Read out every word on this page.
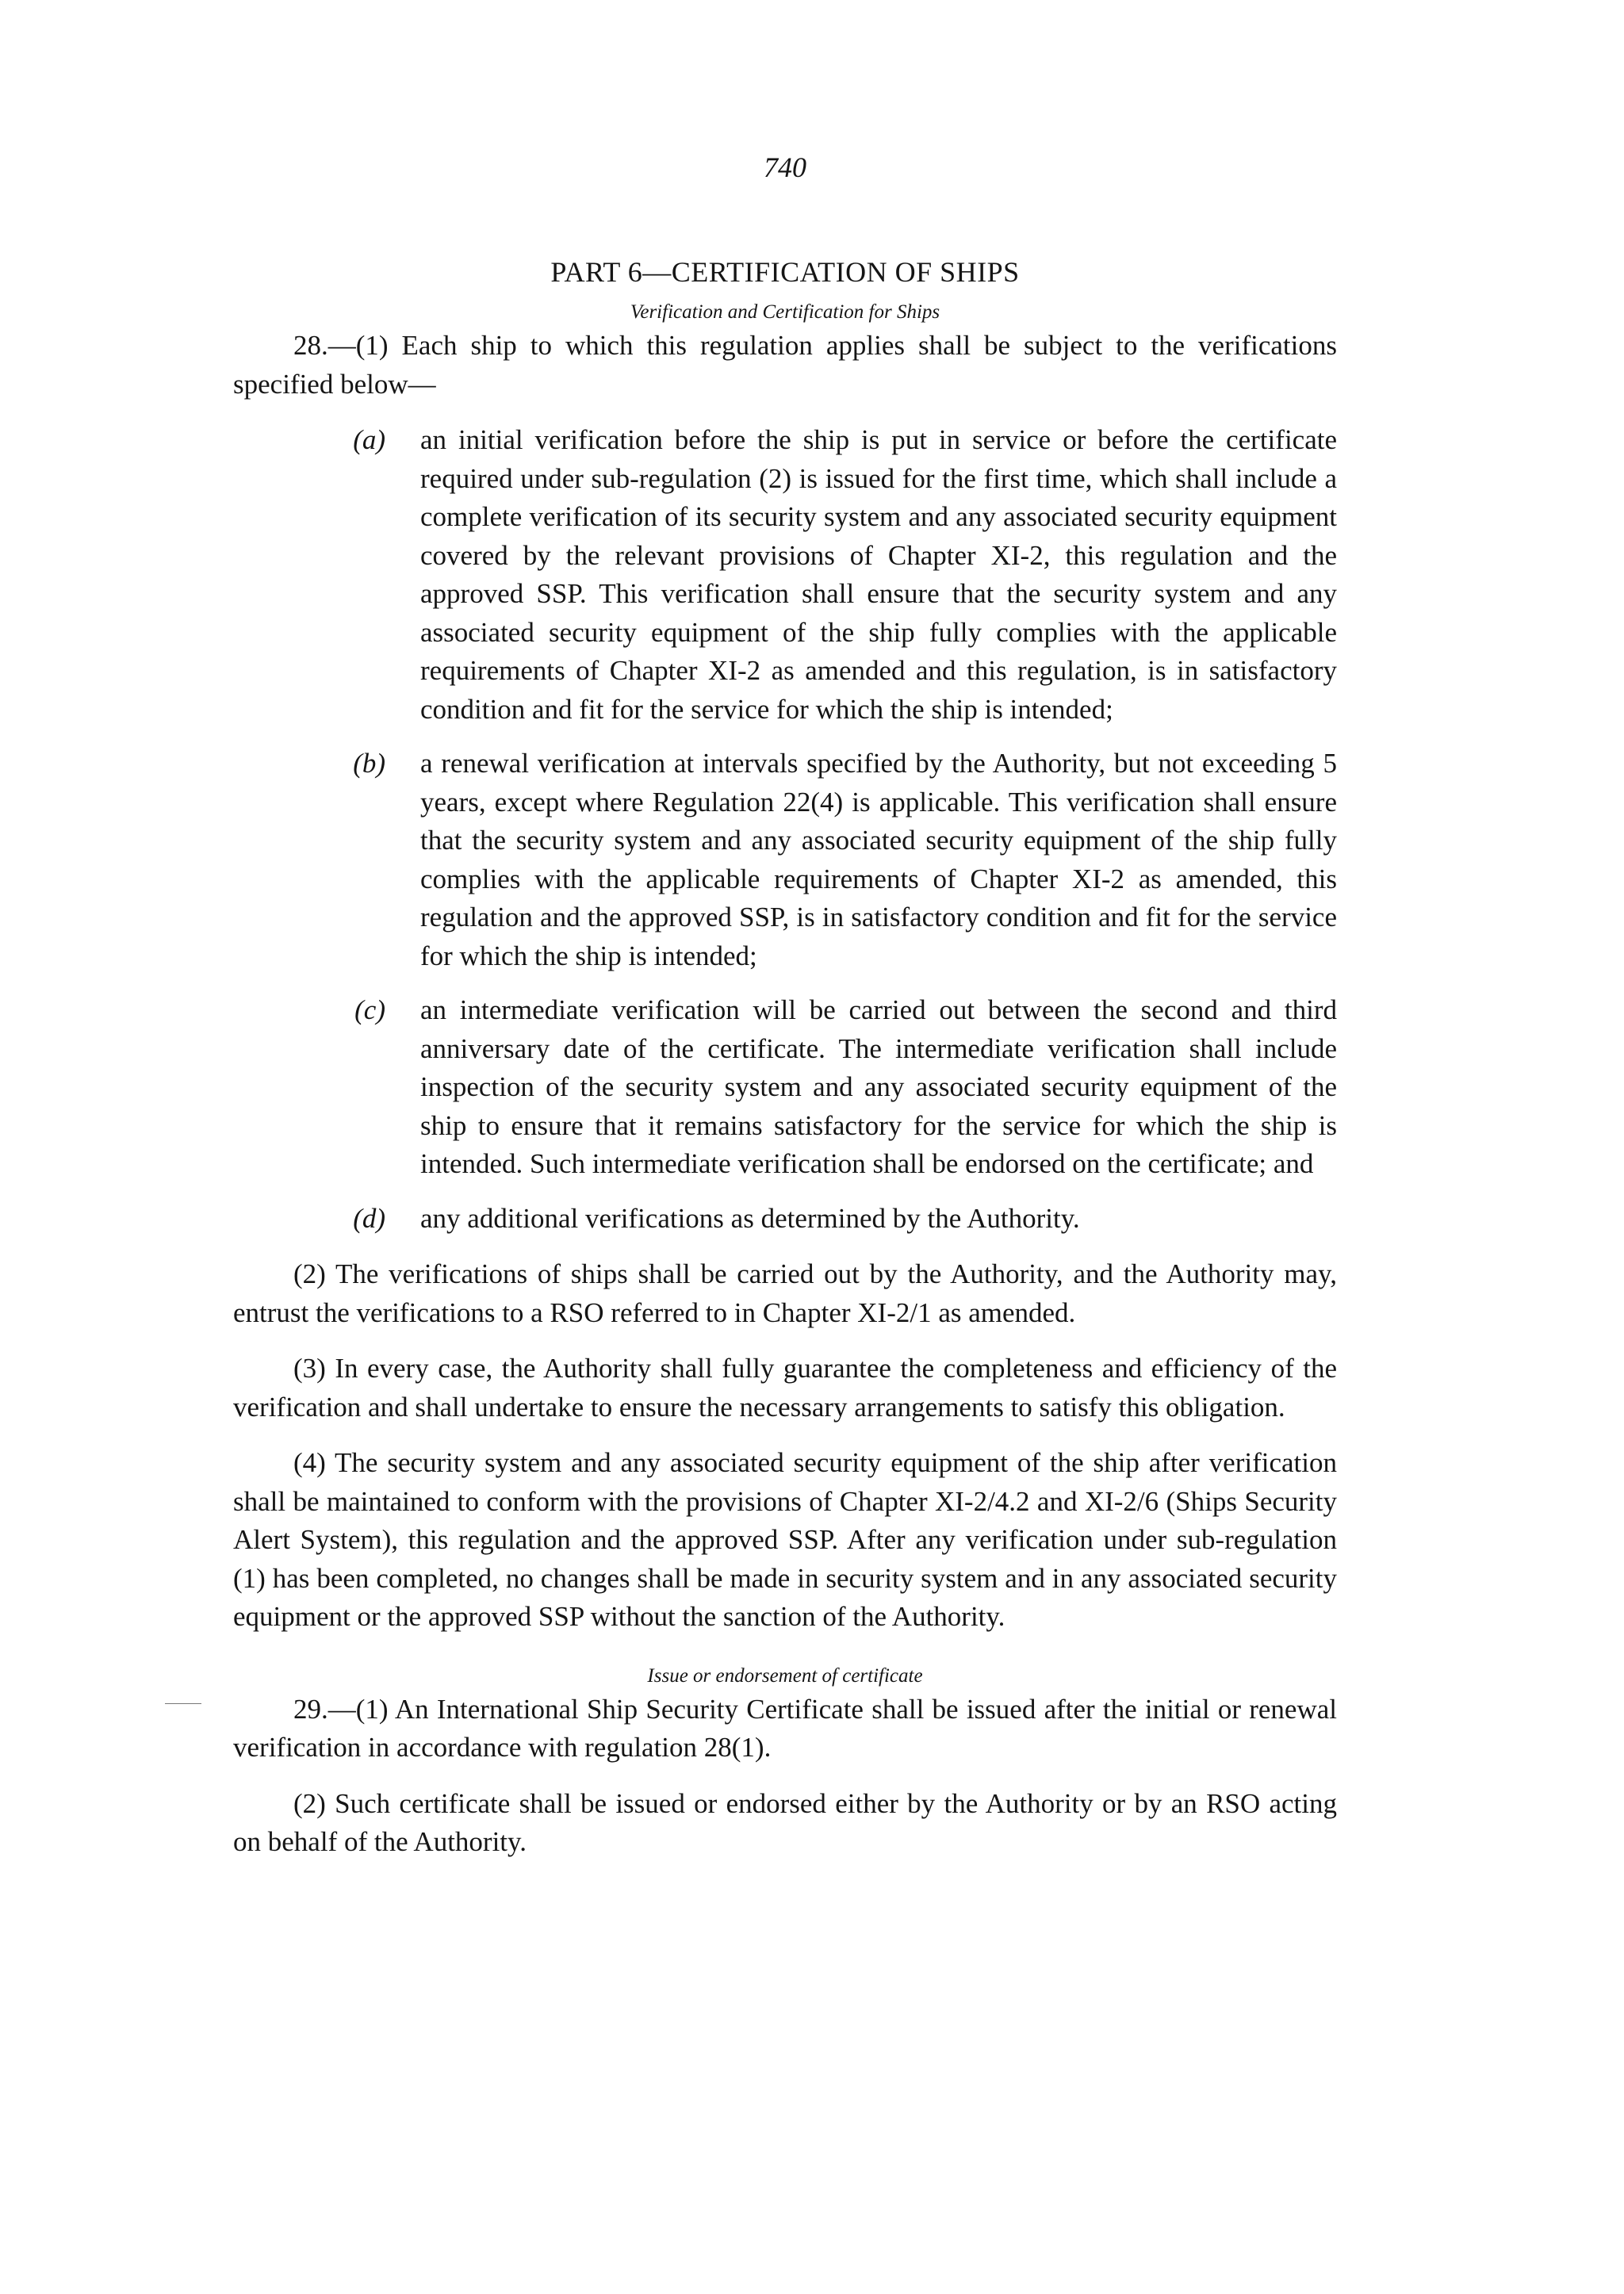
740
PART 6—CERTIFICATION OF SHIPS
Verification and Certification for Ships

28.—(1) Each ship to which this regulation applies shall be subject to the verifications specified below—

(a)	an initial verification before the ship is put in service or before the certificate required under sub-regulation (2) is issued for the first time, which shall include a complete verification of its security system and any associated security equipment covered by the relevant provisions of Chapter XI-2, this regulation and the approved SSP. This verification shall ensure that the security system and any associated security equipment of the ship fully complies with the applicable requirements of Chapter XI-2 as amended and this regulation, is in satisfactory condition and fit for the service for which the ship is intended;
(b)	a renewal verification at intervals specified by the Authority, but not exceeding 5 years, except where Regulation 22(4) is applicable. This verification shall ensure that the security system and any associated security equipment of the ship fully complies with the applicable requirements of Chapter XI-2 as amended, this regulation and the approved SSP, is in satisfactory condition and fit for the service for which the ship is intended;
(c)	an intermediate verification will be carried out between the second and third anniversary date of the certificate. The intermediate verification shall include inspection of the security system and any associated security equipment of the ship to ensure that it remains satisfactory for the service for which the ship is intended. Such intermediate verification shall be endorsed on the certificate; and
(d)	any additional verifications as determined by the Authority.

(2) The verifications of ships shall be carried out by the Authority, and the Authority may, entrust the verifications to a RSO referred to in Chapter XI-2/1 as amended.

(3) In every case, the Authority shall fully guarantee the completeness and efficiency of the verification and shall undertake to ensure the necessary arrangements to satisfy this obligation.

(4) The security system and any associated security equipment of the ship after verification shall be maintained to conform with the provisions of Chapter XI-2/4.2 and XI-2/6 (Ships Security Alert System), this regulation and the approved SSP. After any verification under sub-regulation (1) has been completed, no changes shall be made in security system and in any associated security equipment or the approved SSP without the sanction of the Authority.

Issue or endorsement of certificate

29.—(1) An International Ship Security Certificate shall be issued after the initial or renewal verification in accordance with regulation 28(1).

(2) Such certificate shall be issued or endorsed either by the Authority or by an RSO acting on behalf of the Authority.
